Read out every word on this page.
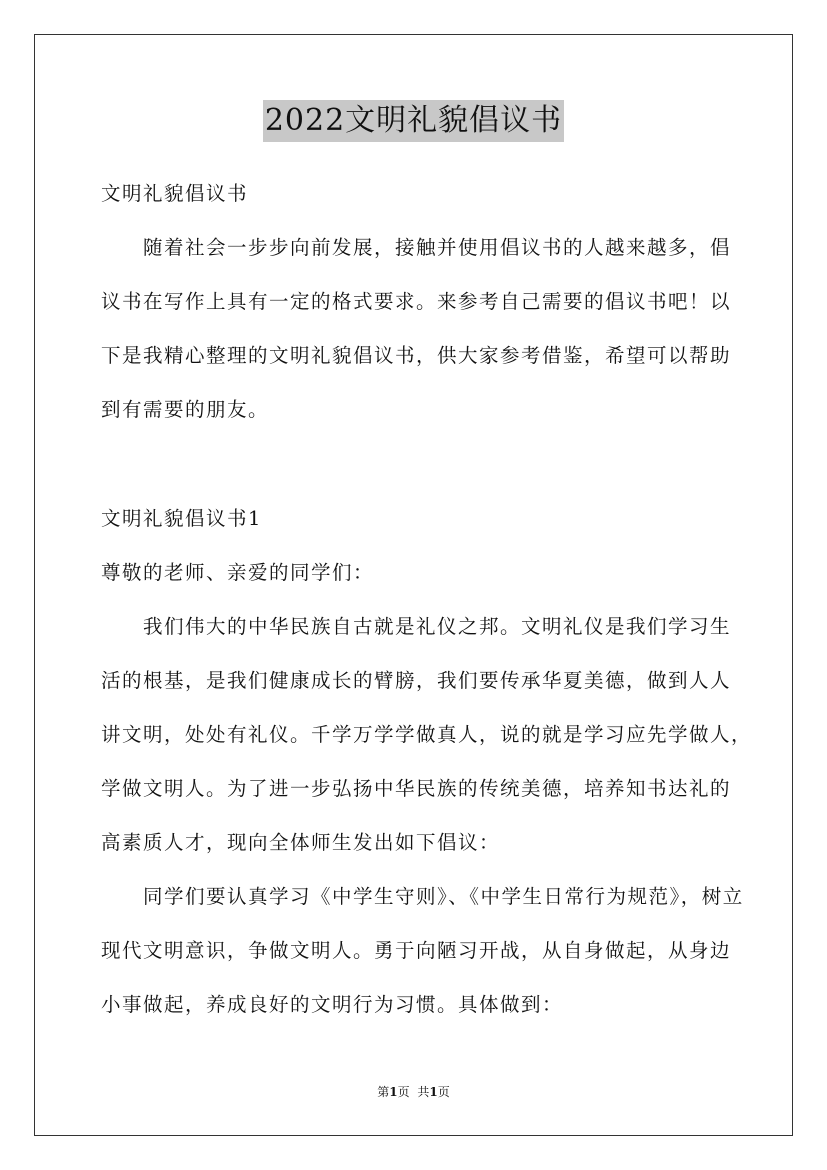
2022文明礼貌倡议书
文明礼貌倡议书
　　随着社会一步步向前发展，接触并使用倡议书的人越来越多，倡
议书在写作上具有一定的格式要求。来参考自己需要的倡议书吧！以
下是我精心整理的文明礼貌倡议书，供大家参考借鉴，希望可以帮助
到有需要的朋友。
文明礼貌倡议书1
尊敬的老师、亲爱的同学们：
　　我们伟大的中华民族自古就是礼仪之邦。文明礼仪是我们学习生
活的根基，是我们健康成长的臂膀，我们要传承华夏美德，做到人人
讲文明，处处有礼仪。千学万学学做真人，说的就是学习应先学做人，
学做文明人。为了进一步弘扬中华民族的传统美德，培养知书达礼的
高素质人才，现向全体师生发出如下倡议：
　　同学们要认真学习《中学生守则》、《中学生日常行为规范》，树立
现代文明意识，争做文明人。勇于向陋习开战，从自身做起，从身边
小事做起，养成良好的文明行为习惯。具体做到：
第1页 共1页
